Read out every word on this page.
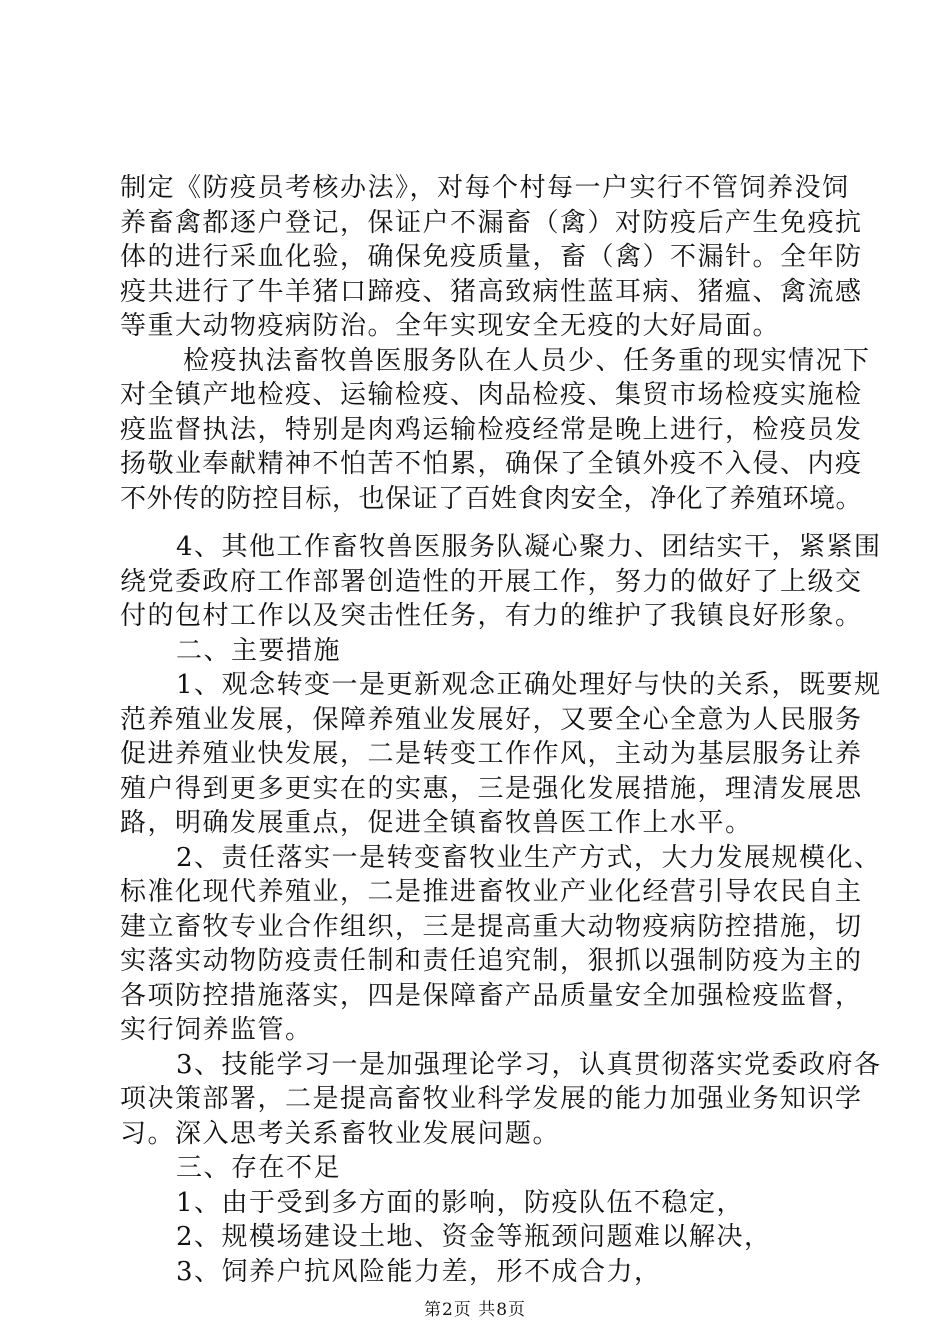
制定《防疫员考核办法》，对每个村每一户实行不管饲养没饲
养畜禽都逐户登记，保证户不漏畜（禽）对防疫后产生免疫抗
体的进行采血化验，确保免疫质量，畜（禽）不漏针。全年防
疫共进行了牛羊猪口蹄疫、猪高致病性蓝耳病、猪瘟、禽流感
等重大动物疫病防治。全年实现安全无疫的大好局面。
检疫执法畜牧兽医服务队在人员少、任务重的现实情况下
对全镇产地检疫、运输检疫、肉品检疫、集贸市场检疫实施检
疫监督执法，特别是肉鸡运输检疫经常是晚上进行，检疫员发
扬敬业奉献精神不怕苦不怕累，确保了全镇外疫不入侵、内疫
不外传的防控目标，也保证了百姓食肉安全，净化了养殖环境。
4、其他工作畜牧兽医服务队凝心聚力、团结实干，紧紧围
绕党委政府工作部署创造性的开展工作，努力的做好了上级交
付的包村工作以及突击性任务，有力的维护了我镇良好形象。
二、主要措施
1、观念转变一是更新观念正确处理好与快的关系，既要规
范养殖业发展，保障养殖业发展好，又要全心全意为人民服务
促进养殖业快发展，二是转变工作作风，主动为基层服务让养
殖户得到更多更实在的实惠，三是强化发展措施，理清发展思
路，明确发展重点，促进全镇畜牧兽医工作上水平。
2、责任落实一是转变畜牧业生产方式，大力发展规模化、
标准化现代养殖业，二是推进畜牧业产业化经营引导农民自主
建立畜牧专业合作组织，三是提高重大动物疫病防控措施，切
实落实动物防疫责任制和责任追究制，狠抓以强制防疫为主的
各项防控措施落实，四是保障畜产品质量安全加强检疫监督，
实行饲养监管。
3、技能学习一是加强理论学习，认真贯彻落实党委政府各
项决策部署，二是提高畜牧业科学发展的能力加强业务知识学
习。深入思考关系畜牧业发展问题。
三、存在不足
1、由于受到多方面的影响，防疫队伍不稳定，
2、规模场建设土地、资金等瓶颈问题难以解决，
3、饲养户抗风险能力差，形不成合力，
第2页 共8页
